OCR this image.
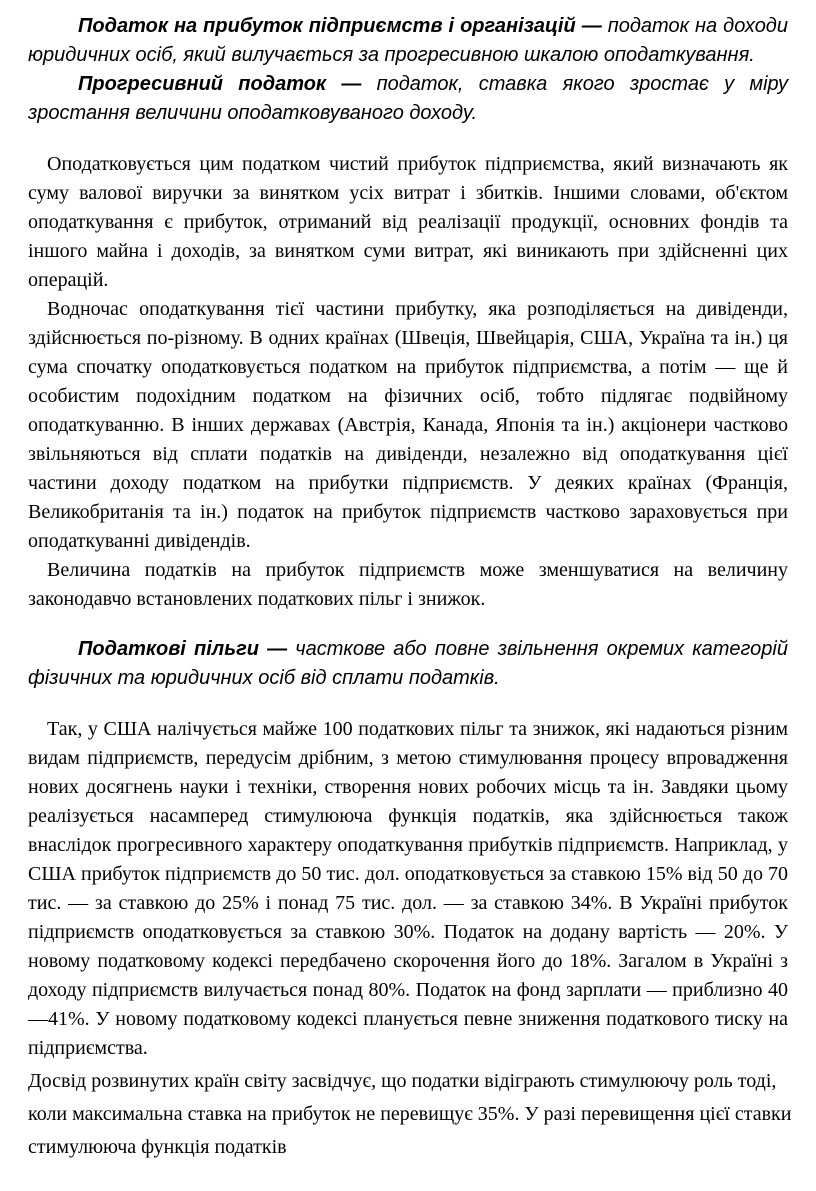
Податок на прибуток підприємств і організацій — податок на доходи юридичних осіб, який вилучається за прогресивною шкалою оподаткування.

Прогресивний податок — податок, ставка якого зростає у міру зростання величини оподатковуваного доходу.

Оподатковується цим податком чистий прибуток підприємства, який визначають як суму валової виручки за винятком усіх витрат і збитків. Іншими словами, об'єктом оподаткування є прибуток, отриманий від реалізації продукції, основних фондів та іншого майна і доходів, за винятком суми витрат, які виникають при здійсненні цих операцій.

Водночас оподаткування тієї частини прибутку, яка розподіляється на дивіденди, здійснюється по-різному. В одних країнах (Швеція, Швейцарія, США, Україна та ін.) ця сума спочатку оподатковується податком на прибуток підприємства, а потім — ще й особистим подохідним податком на фізичних осіб, тобто підлягає подвійному оподаткуванню. В інших державах (Австрія, Канада, Японія та ін.) акціонери частково звільняються від сплати податків на дивіденди, незалежно від оподаткування цієї частини доходу податком на прибутки підприємств. У деяких країнах (Франція, Великобританія та ін.) податок на прибуток підприємств частково зараховується при оподаткуванні дивідендів.

Величина податків на прибуток підприємств може зменшуватися на величину законодавчо встановлених податкових пільг і знижок.

Податкові пільги — часткове або повне звільнення окремих категорій фізичних та юридичних осіб від сплати податків.

Так, у США налічується майже 100 податкових пільг та знижок, які надаються різним видам підприємств, передусім дрібним, з метою стимулювання процесу впровадження нових досягнень науки і техніки, створення нових робочих місць та ін. Завдяки цьому реалізується насамперед стимулююча функція податків, яка здійснюється також внаслідок прогресивного характеру оподаткування прибутків підприємств. Наприклад, у США прибуток підприємств до 50 тис. дол. оподатковується за ставкою 15% від 50 до 70 тис. — за ставкою до 25% і понад 75 тис. дол. — за ставкою 34%. В Україні прибуток підприємств оподатковується за ставкою 30%. Податок на додану вартість — 20%. У новому податковому кодексі передбачено скорочення його до 18%. Загалом в Україні з доходу підприємств вилучається понад 80%. Податок на фонд зарплати — приблизно 40—41%. У новому податковому кодексі планується певне зниження податкового тиску на підприємства.

Досвід розвинутих країн світу засвідчує, що податки відіграють стимулюючу роль тоді, коли максимальна ставка на прибуток не перевищує 35%. У разі перевищення цієї ставки стимулююча функція податків
